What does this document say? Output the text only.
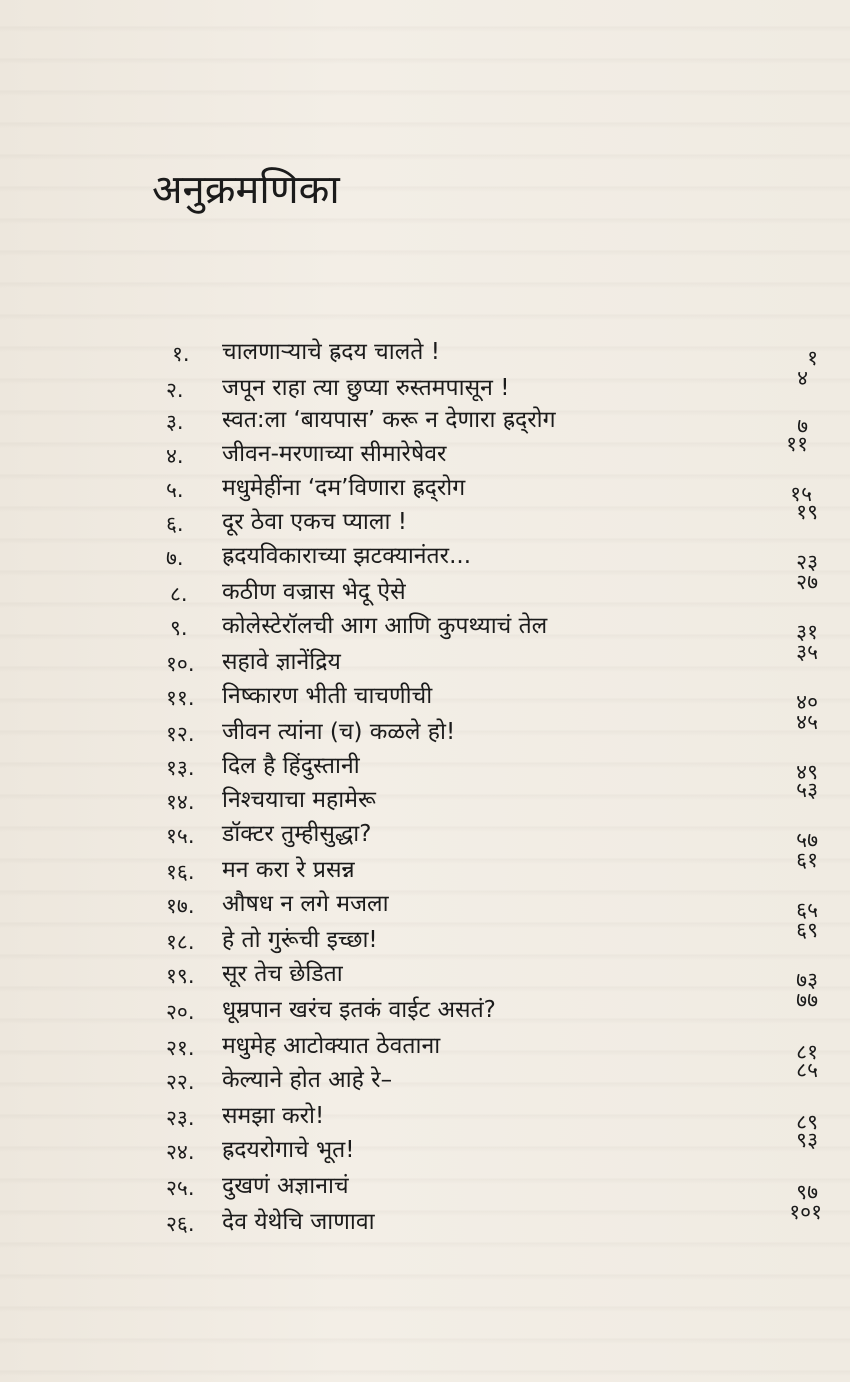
अनुक्रमणिका
१. चालणाऱ्याचे ह्रदय चालते !	१
२. जपून राहा त्या छुप्या रुस्तमपासून !	४
३. स्वत:ला ‘बायपास’ करू न देणारा ह्रद्‌रोग	७
४. जीवन-मरणाच्या सीमारेषेवर	११
५. मधुमेहींना ‘दम’विणारा ह्रद्‌रोग	१५
६. दूर ठेवा एकच प्याला !	१९
७. ह्रदयविकाराच्या झटक्यानंतर...	२३
८. कठीण वज्रास भेदू ऐसे	२७
९. कोलेस्टेरॉलची आग आणि कुपथ्याचं तेल	३१
१०. सहावे ज्ञानेंद्रिय	३५
११. निष्कारण भीती चाचणीची	४०
१२. जीवन त्यांना (च) कळले हो!	४५
१३. दिल है हिंदुस्तानी	४९
१४. निश्चयाचा महामेरू	५३
१५. डॉक्टर तुम्हीसुद्धा?	५७
१६. मन करा रे प्रसन्न	६१
१७. औषध न लगे मजला	६५
१८. हे तो गुरूंची इच्छा!	६९
१९. सूर तेच छेडिता	७३
२०. धूम्रपान खरंच इतकं वाईट असतं?	७७
२१. मधुमेह आटोक्यात ठेवताना	८१
२२. केल्याने होत आहे रे–	८५
२३. समझा करो!	८९
२४. ह्रदयरोगाचे भूत!	९३
२५. दुखणं अज्ञानाचं	९७
२६. देव येथेचि जाणावा	१०१
